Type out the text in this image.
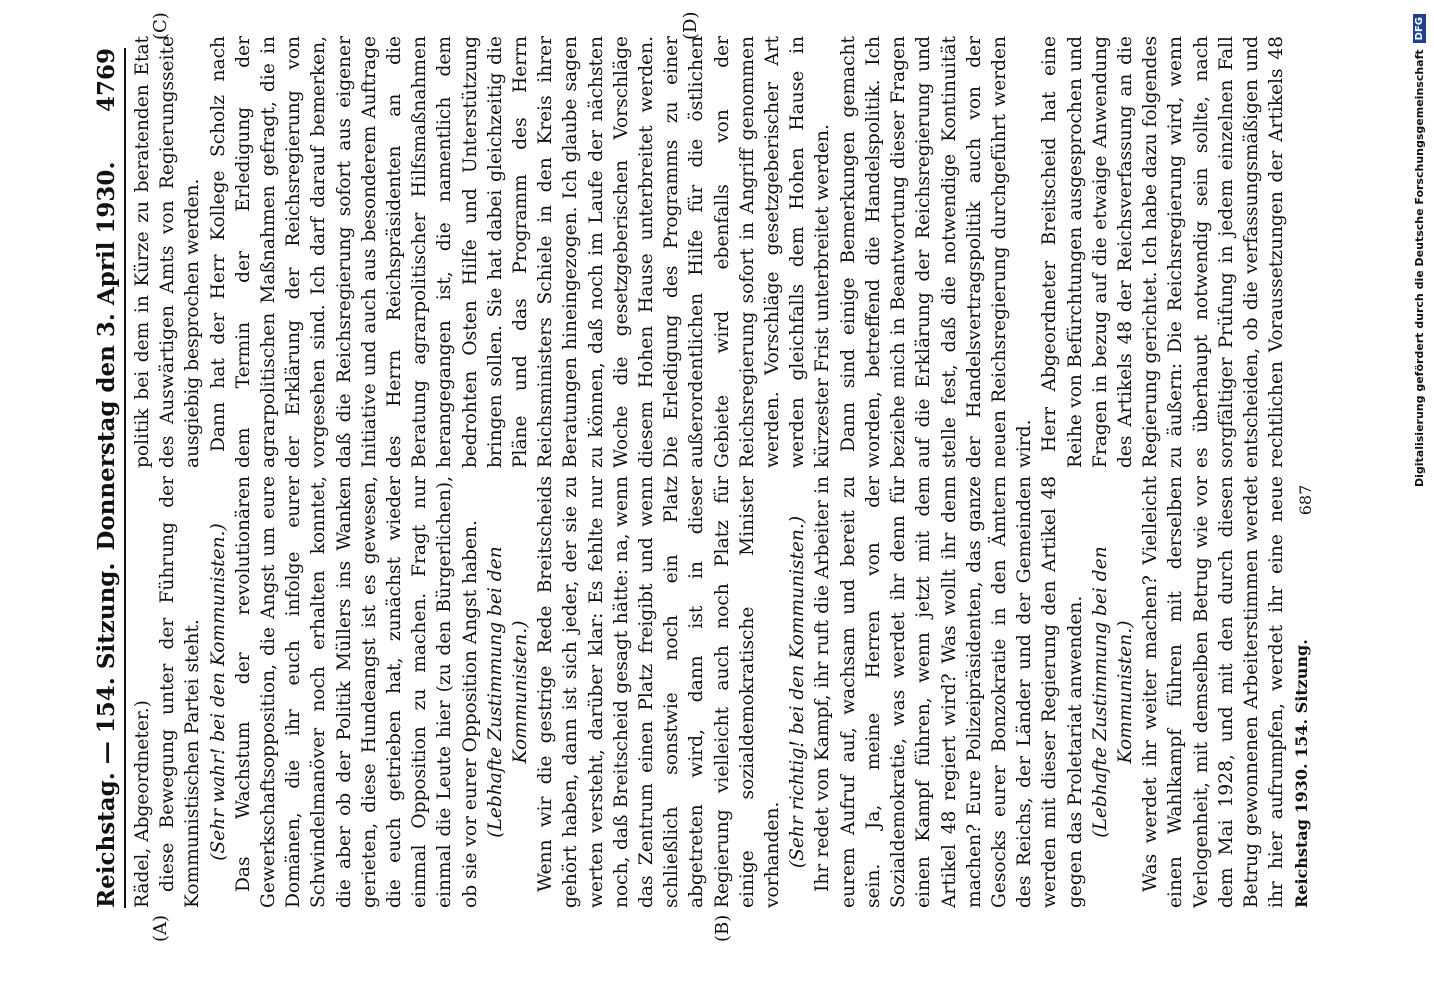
Reichstag. — 154. Sitzung.
Donnerstag den 3. April 1930.
4769
(A)	(B)
(C)	(D)

Rädel, Abgeordneter.) diese Bewegung unter der Führung der Kommunistischen Partei steht. (Sehr wahr! bei den Kommunisten.) Das Wachstum der revolutionären Gewerkschaftsopposition, die Angst um eure Domänen, die ihr euch infolge eurer Schwindelmanöver noch erhalten konntet, die aber ob der Politik Müllers ins Wanken gerieten, diese Hundeangst ist es gewesen, die euch getrieben hat, zunächst wieder einmal Opposition zu machen. Fragt nur einmal die Leute hier (zu den Bürgerlichen), ob sie vor eurer Opposition Angst haben. (Lebhafte Zustimmung bei den Kommunisten.) Wenn wir die gestrige Rede Breitscheids gehört haben, dann ist sich jeder, der sie zu werten versteht, darüber klar: Es fehlte nur noch, daß Breitscheid gesagt hätte: na, wenn das Zentrum einen Platz freigibt und wenn schließlich sonstwie noch ein Platz abgetreten wird, dann ist in dieser Regierung vielleicht auch noch Platz für einige sozialdemokratische Minister vorhanden. (Sehr richtig! bei den Kommunisten.) Ihr redet von Kampf, ihr ruft die Arbeiter in eurem Aufruf auf, wachsam und bereit zu sein. Ja, meine Herren von der Sozialdemokratie, was werdet ihr denn für einen Kampf führen, wenn jetzt mit dem Artikel 48 regiert wird? Was wollt ihr denn machen? Eure Polizeipräsidenten, das ganze Gesocks eurer Bonzokratie in den Ämtern des Reichs, der Länder und der Gemeinden werden mit dieser Regierung den Artikel 48 gegen das Proletariat anwenden. (Lebhafte Zustimmung bei den Kommunisten.)

Was werdet ihr weiter machen? Vielleicht einen Wahlkampf führen mit derselben Verlogenheit, mit demselben Betrug wie vor dem Mai 1928, und mit den durch diesen Betrug gewonnenen Arbeiterstimmen werdet ihr hier aufrumpfen, werdet ihr eine neue

politik bei dem in Kürze zu beratenden Etat des Auswärtigen Amts von Regierungsseite ausgiebig besprochen werden. Dann hat der Herr Kollege Scholz nach dem Termin der Erledigung der agrarpolitischen Maßnahmen gefragt, die in der Erklärung der Reichsregierung von vorgesehen sind. Ich darf darauf bemerken, daß die Reichsregierung sofort aus eigener Initiative und auch aus besonderem Auftrage des Herrn Reichspräsidenten an die Beratung agrarpolitischer Hilfsmaßnahmen herangegangen ist, die namentlich dem bedrohten Osten Hilfe und Unterstützung bringen sollen. Sie hat dabei gleichzeitig die Pläne und das Programm des Herrn Reichsministers Schiele in den Kreis ihrer Beratungen hineingezogen. Ich glaube sagen zu können, daß noch im Laufe der nächsten Woche die gesetzgeberischen Vorschläge diesem Hohen Hause unterbreitet werden. Die Erledigung des Programms zu einer außerordentlichen Hilfe für die östlichen Gebiete wird ebenfalls von der Reichsregierung sofort in Angriff genommen werden. Vorschläge gesetzgeberischer Art werden gleichfalls dem Hohen Hause in kürzester Frist unterbreitet werden. Dann sind einige Bemerkungen gemacht worden, betreffend die Handelspolitik. Ich beziehe mich in Beantwortung dieser Fragen auf die Erklärung der Reichsregierung und stelle fest, daß die notwendige Kontinuität der Handelsvertragspolitik auch von der neuen Reichsregierung durchgeführt werden wird. Herr Abgeordneter Breitscheid hat eine Reihe von Befürchtungen ausgesprochen und Fragen in bezug auf die etwaige Anwendung des Artikels 48 der Reichsverfassung an die Regierung gerichtet. Ich habe dazu folgendes zu äußern: Die Reichsregierung wird, wenn es überhaupt notwendig sein sollte, nach sorgfältiger Prüfung in jedem einzelnen Fall entscheiden, ob die verfassungsmäßigen und rechtlichen Voraussetzungen der Artikels 48

Reichstag 1930. 154. Sitzung.
687
Digitalisierung gefördert durch die Deutsche Forschungsgemeinschaft
DFG
